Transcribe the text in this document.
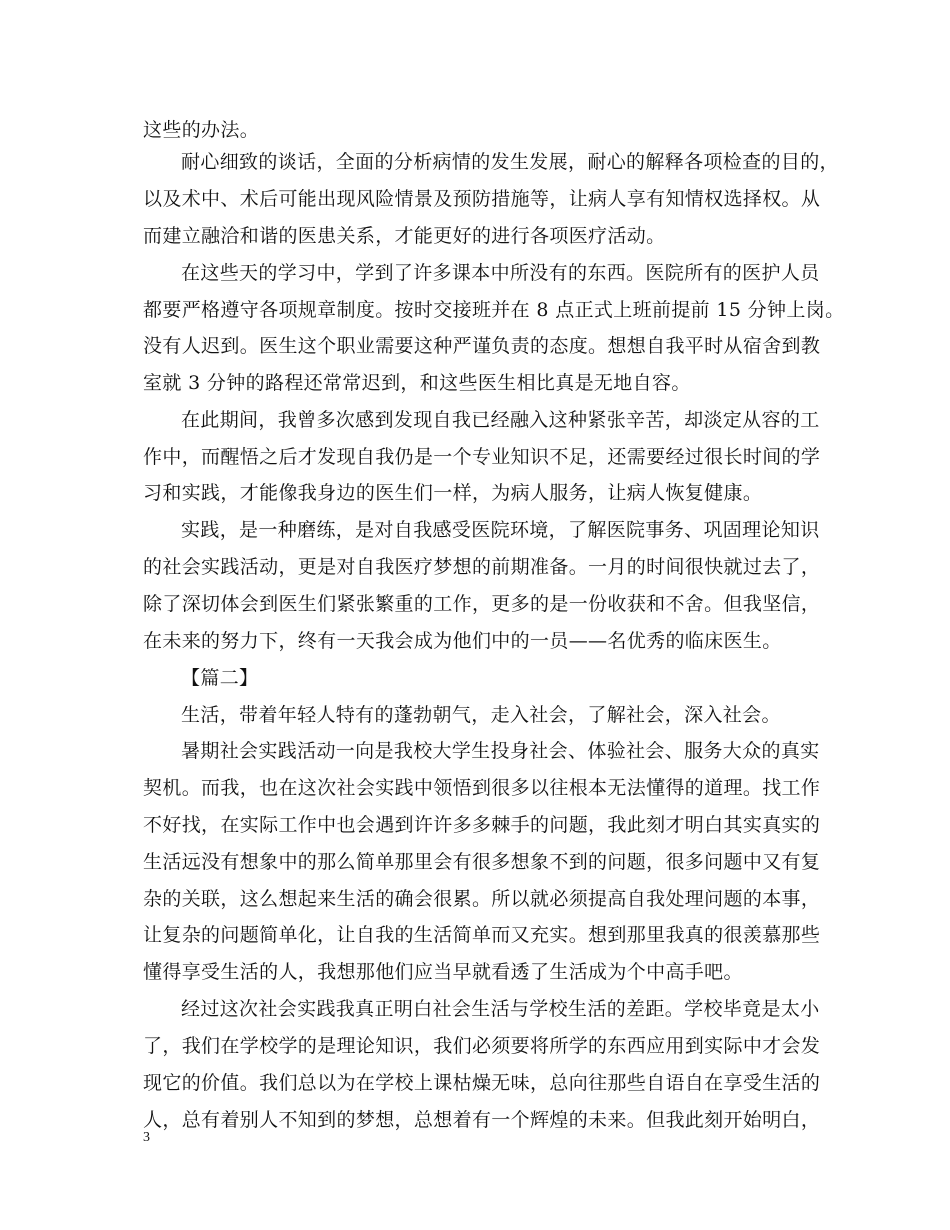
这些的办法。
耐心细致的谈话，全面的分析病情的发生发展，耐心的解释各项检查的目的，
以及术中、术后可能出现风险情景及预防措施等，让病人享有知情权选择权。从
而建立融洽和谐的医患关系，才能更好的进行各项医疗活动。
在这些天的学习中，学到了许多课本中所没有的东西。医院所有的医护人员
都要严格遵守各项规章制度。按时交接班并在 8 点正式上班前提前 15 分钟上岗。
没有人迟到。医生这个职业需要这种严谨负责的态度。想想自我平时从宿舍到教
室就 3 分钟的路程还常常迟到，和这些医生相比真是无地自容。
在此期间，我曾多次感到发现自我已经融入这种紧张辛苦，却淡定从容的工
作中，而醒悟之后才发现自我仍是一个专业知识不足，还需要经过很长时间的学
习和实践，才能像我身边的医生们一样，为病人服务，让病人恢复健康。
实践，是一种磨练，是对自我感受医院环境，了解医院事务、巩固理论知识
的社会实践活动，更是对自我医疗梦想的前期准备。一月的时间很快就过去了，
除了深切体会到医生们紧张繁重的工作，更多的是一份收获和不舍。但我坚信，
在未来的努力下，终有一天我会成为他们中的一员——名优秀的临床医生。
【篇二】
生活，带着年轻人特有的蓬勃朝气，走入社会，了解社会，深入社会。
暑期社会实践活动一向是我校大学生投身社会、体验社会、服务大众的真实
契机。而我，也在这次社会实践中领悟到很多以往根本无法懂得的道理。找工作
不好找，在实际工作中也会遇到许许多多棘手的问题，我此刻才明白其实真实的
生活远没有想象中的那么简单那里会有很多想象不到的问题，很多问题中又有复
杂的关联，这么想起来生活的确会很累。所以就必须提高自我处理问题的本事，
让复杂的问题简单化，让自我的生活简单而又充实。想到那里我真的很羡慕那些
懂得享受生活的人，我想那他们应当早就看透了生活成为个中高手吧。
经过这次社会实践我真正明白社会生活与学校生活的差距。学校毕竟是太小
了，我们在学校学的是理论知识，我们必须要将所学的东西应用到实际中才会发
现它的价值。我们总以为在学校上课枯燥无味，总向往那些自语自在享受生活的
人，总有着别人不知到的梦想，总想着有一个辉煌的未来。但我此刻开始明白，
3
